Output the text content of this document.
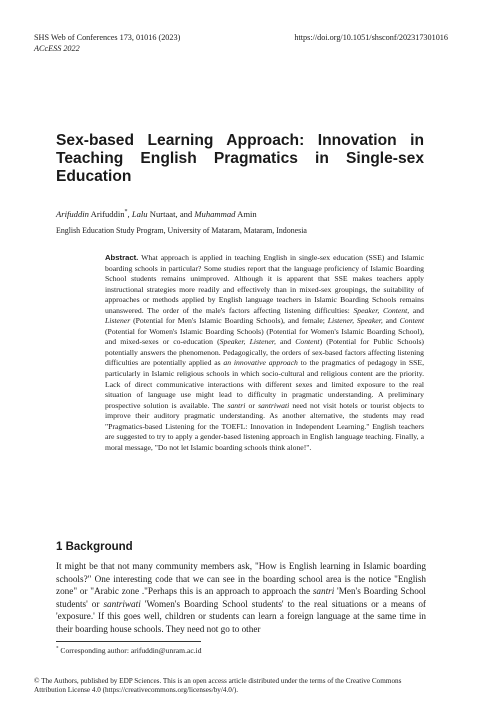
SHS Web of Conferences 173, 01016 (2023)	https://doi.org/10.1051/shsconf/202317301016
ACcESS 2022
Sex-based Learning Approach: Innovation in
Teaching English Pragmatics in Single-sex
Education
Arifuddin Arifuddin*, Lalu Nurtaat, and Muhammad Amin
English Education Study Program, University of Mataram, Mataram, Indonesia
Abstract. What approach is applied in teaching English in single-sex education (SSE) and Islamic boarding schools in particular? Some studies report that the language proficiency of Islamic Boarding School students remains unimproved. Although it is apparent that SSE makes teachers apply instructional strategies more readily and effectively than in mixed-sex groupings, the suitability of approaches or methods applied by English language teachers in Islamic Boarding Schools remains unanswered. The order of the male's factors affecting listening difficulties: Speaker, Content, and Listener (Potential for Men's Islamic Boarding Schools), and female; Listener, Speaker, and Content (Potential for Women's Islamic Boarding Schools) (Potential for Women's Islamic Boarding School), and mixed-sexes or co-education (Speaker, Listener, and Content) (Potential for Public Schools) potentially answers the phenomenon. Pedagogically, the orders of sex-based factors affecting listening difficulties are potentially applied as an innovative approach to the pragmatics of pedagogy in SSE, particularly in Islamic religious schools in which socio-cultural and religious content are the priority. Lack of direct communicative interactions with different sexes and limited exposure to the real situation of language use might lead to difficulty in pragmatic understanding. A preliminary prospective solution is available. The santri or santriwati need not visit hotels or tourist objects to improve their auditory pragmatic understanding. As another alternative, the students may read "Pragmatics-based Listening for the TOEFL: Innovation in Independent Learning." English teachers are suggested to try to apply a gender-based listening approach in English language teaching. Finally, a moral message, "Do not let Islamic boarding schools think alone!".
1 Background
It might be that not many community members ask, "How is English learning in Islamic boarding schools?" One interesting code that we can see in the boarding school area is the notice "English zone" or "Arabic zone ."Perhaps this is an approach to approach the santri 'Men's Boarding School students' or santriwati 'Women's Boarding School students' to the real situations or a means of 'exposure.' If this goes well, children or students can learn a foreign language at the same time in their boarding house schools. They need not go to other
* Corresponding author: arifuddin@unram.ac.id
© The Authors, published by EDP Sciences. This is an open access article distributed under the terms of the Creative Commons
Attribution License 4.0 (https://creativecommons.org/licenses/by/4.0/).
